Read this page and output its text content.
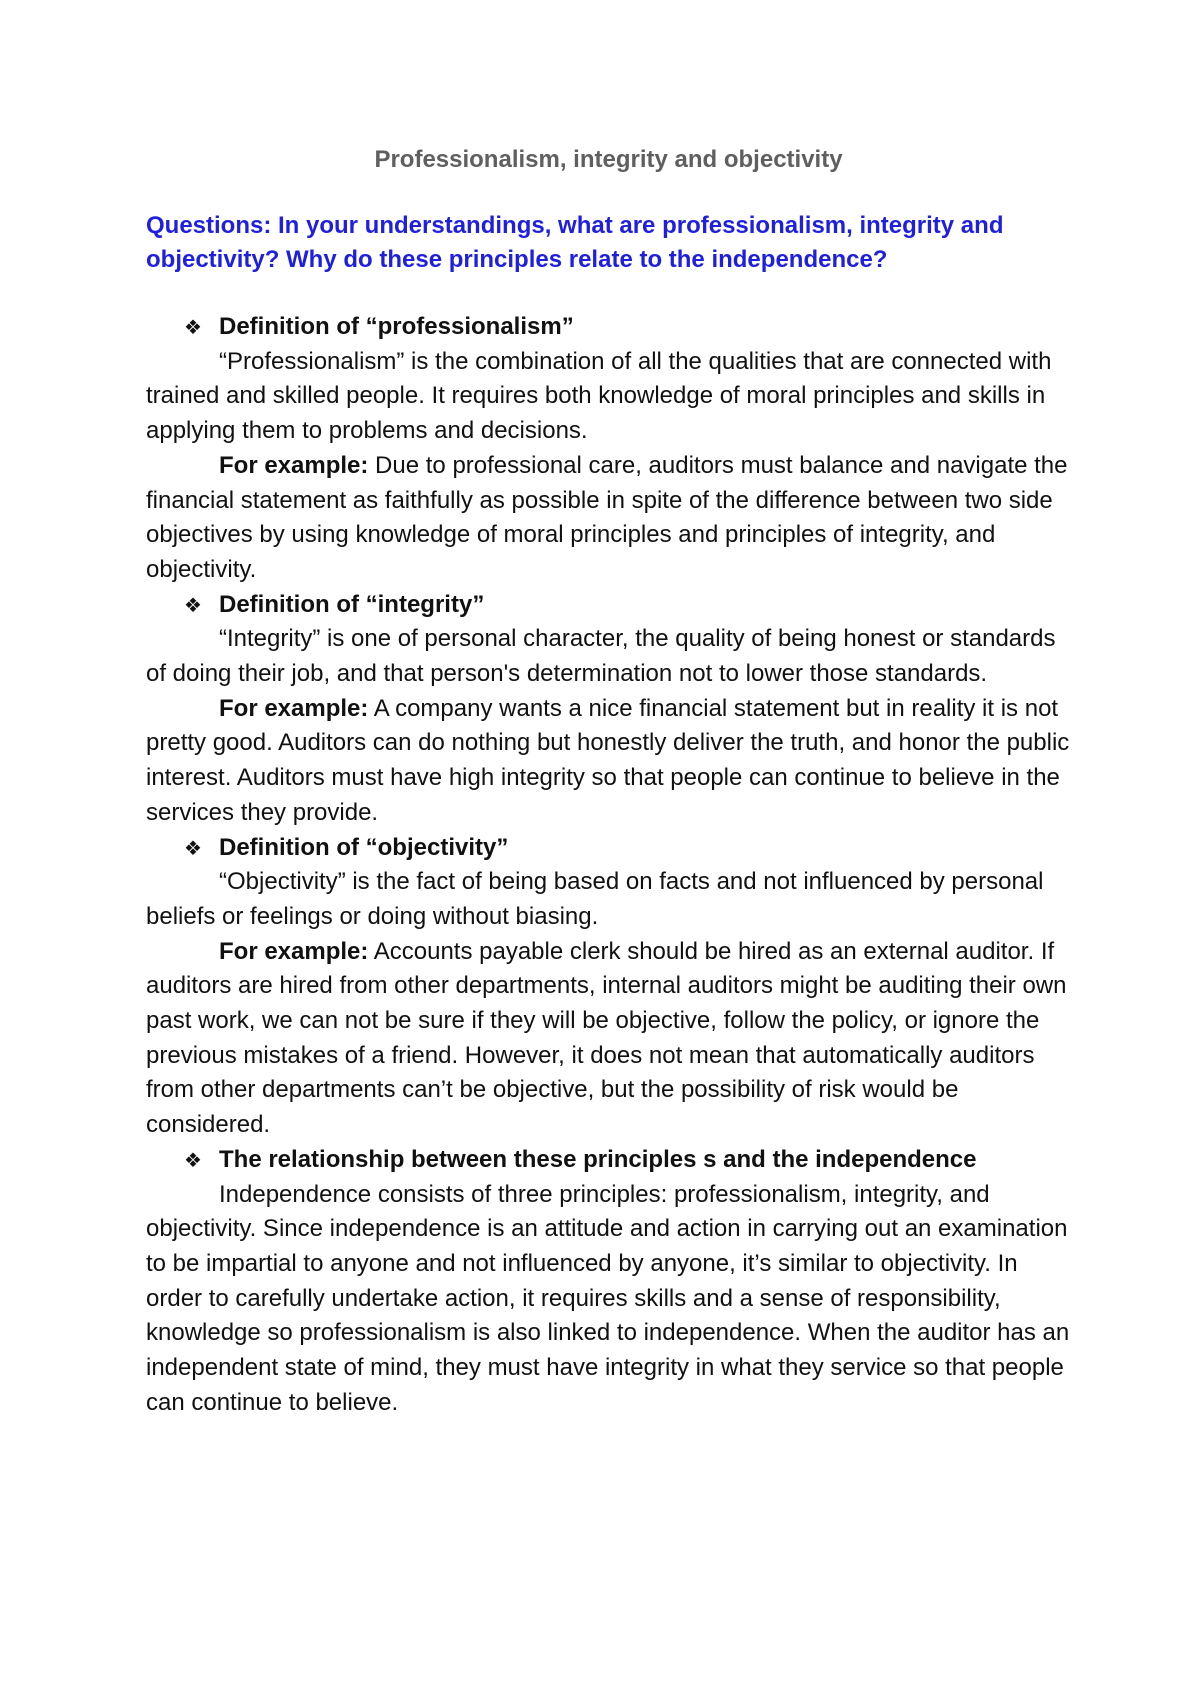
Professionalism, integrity and objectivity

Questions: In your understandings, what are professionalism, integrity and objectivity? Why do these principles relate to the independence?

❖ Definition of “professionalism”

“Professionalism” is the combination of all the qualities that are connected with trained and skilled people. It requires both knowledge of moral principles and skills in applying them to problems and decisions.

For example: Due to professional care, auditors must balance and navigate the financial statement as faithfully as possible in spite of the difference between two side objectives by using knowledge of moral principles and principles of integrity, and objectivity.

❖ Definition of “integrity”

“Integrity” is one of personal character, the quality of being honest or standards of doing their job, and that person's determination not to lower those standards.

For example: A company wants a nice financial statement but in reality it is not pretty good. Auditors can do nothing but honestly deliver the truth, and honor the public interest. Auditors must have high integrity so that people can continue to believe in the services they provide.

❖ Definition of “objectivity”

“Objectivity” is the fact of being based on facts and not influenced by personal beliefs or feelings or doing without biasing.

For example: Accounts payable clerk should be hired as an external auditor. If auditors are hired from other departments, internal auditors might be auditing their own past work, we can not be sure if they will be objective, follow the policy, or ignore the previous mistakes of a friend. However, it does not mean that automatically auditors from other departments can’t be objective, but the possibility of risk would be considered.

❖ The relationship between these principles s and the independence

Independence consists of three principles: professionalism, integrity, and objectivity. Since independence is an attitude and action in carrying out an examination to be impartial to anyone and not influenced by anyone, it’s similar to objectivity. In order to carefully undertake action, it requires skills and a sense of responsibility, knowledge so professionalism is also linked to independence. When the auditor has an independent state of mind, they must have integrity in what they service so that people can continue to believe.
